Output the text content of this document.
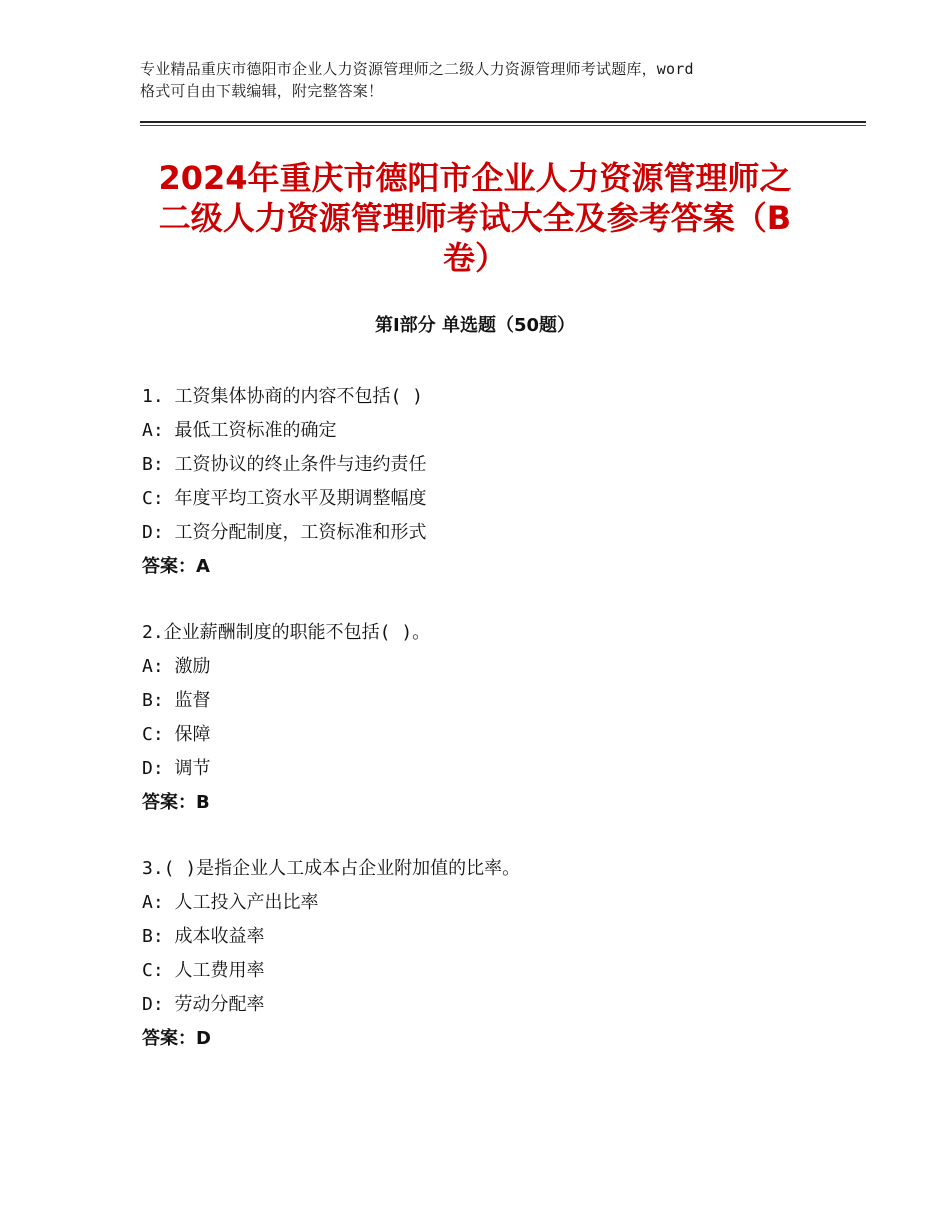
专业精品重庆市德阳市企业人力资源管理师之二级人力资源管理师考试题库，word
格式可自由下载编辑，附完整答案！
2024年重庆市德阳市企业人力资源管理师之
二级人力资源管理师考试大全及参考答案（B
卷）
第Ⅰ部分 单选题（50题）
1. 工资集体协商的内容不包括( )
A: 最低工资标准的确定
B: 工资协议的终止条件与违约责任
C: 年度平均工资水平及期调整幅度
D: 工资分配制度，工资标准和形式
答案：A
2.企业薪酬制度的职能不包括( )。
A: 激励
B: 监督
C: 保障
D: 调节
答案：B
3.( )是指企业人工成本占企业附加值的比率。
A: 人工投入产出比率
B: 成本收益率
C: 人工费用率
D: 劳动分配率
答案：D
